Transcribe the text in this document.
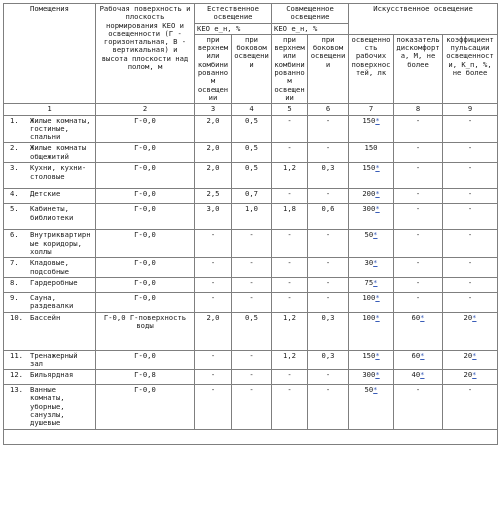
Помещения	Рабочая поверхность и плоскость нормирования КЕО и освещенности (Г - горизонтальная, В - вертикальная) и высота плоскости над полом, м	Естественное освещение		Совмещенное освещение		Искусственное освещение		
		КЕО е_н, %		КЕО е_н, %				
		при верхнем или комбинированном освещении	при боковом освещении	при верхнем или комбинированном освещении	при боковом освещении	освещенность рабочих поверхностей, лк	показатель дискомфорта, М, не более	коэффициент пульсации освещенности, К_п, %, не более
1	2	3	4	5	6	7	8	9

1. Жилые комнаты, гостиные, спальни	Г-0,0	2,0	0,5	-	-	150*	-	-

2. Жилые комнаты общежитий	Г-0,0	2,0	0,5	-	-	150	-	-

3. Кухни, кухни-столовые	Г-0,0	2,0	0,5	1,2	0,3	150*	-	-

4. Детские	Г-0,0	2,5	0,7	-	-	200*	-	-

5. Кабинеты, библиотеки	Г-0,0	3,0	1,0	1,8	0,6	300*	-	-

6. Внутриквартирные коридоры, холлы	Г-0,0	-	-	-	-	50*	-	-

7. Кладовые, подсобные	Г-0,0	-	-	-	-	30*	-	-

8. Гардеробные	Г-0,0	-	-	-	-	75*	-	-

9. Сауна, раздевалки	Г-0,0	-	-	-	-	100*	-	-

10. Бассейн	Г-0,0 Г-поверхность воды	2,0	0,5	1,2	0,3	100*	60*	20*

11. Тренажерный зал	Г-0,0	-	-	1,2	0,3	150*	60*	20*

12. Бильярдная	Г-0,8	-	-	-	-	300*	40*	20*

13. Ванные комнаты, уборные, санузлы, душевые	Г-0,0	-	-	-	-	50*	-	-
